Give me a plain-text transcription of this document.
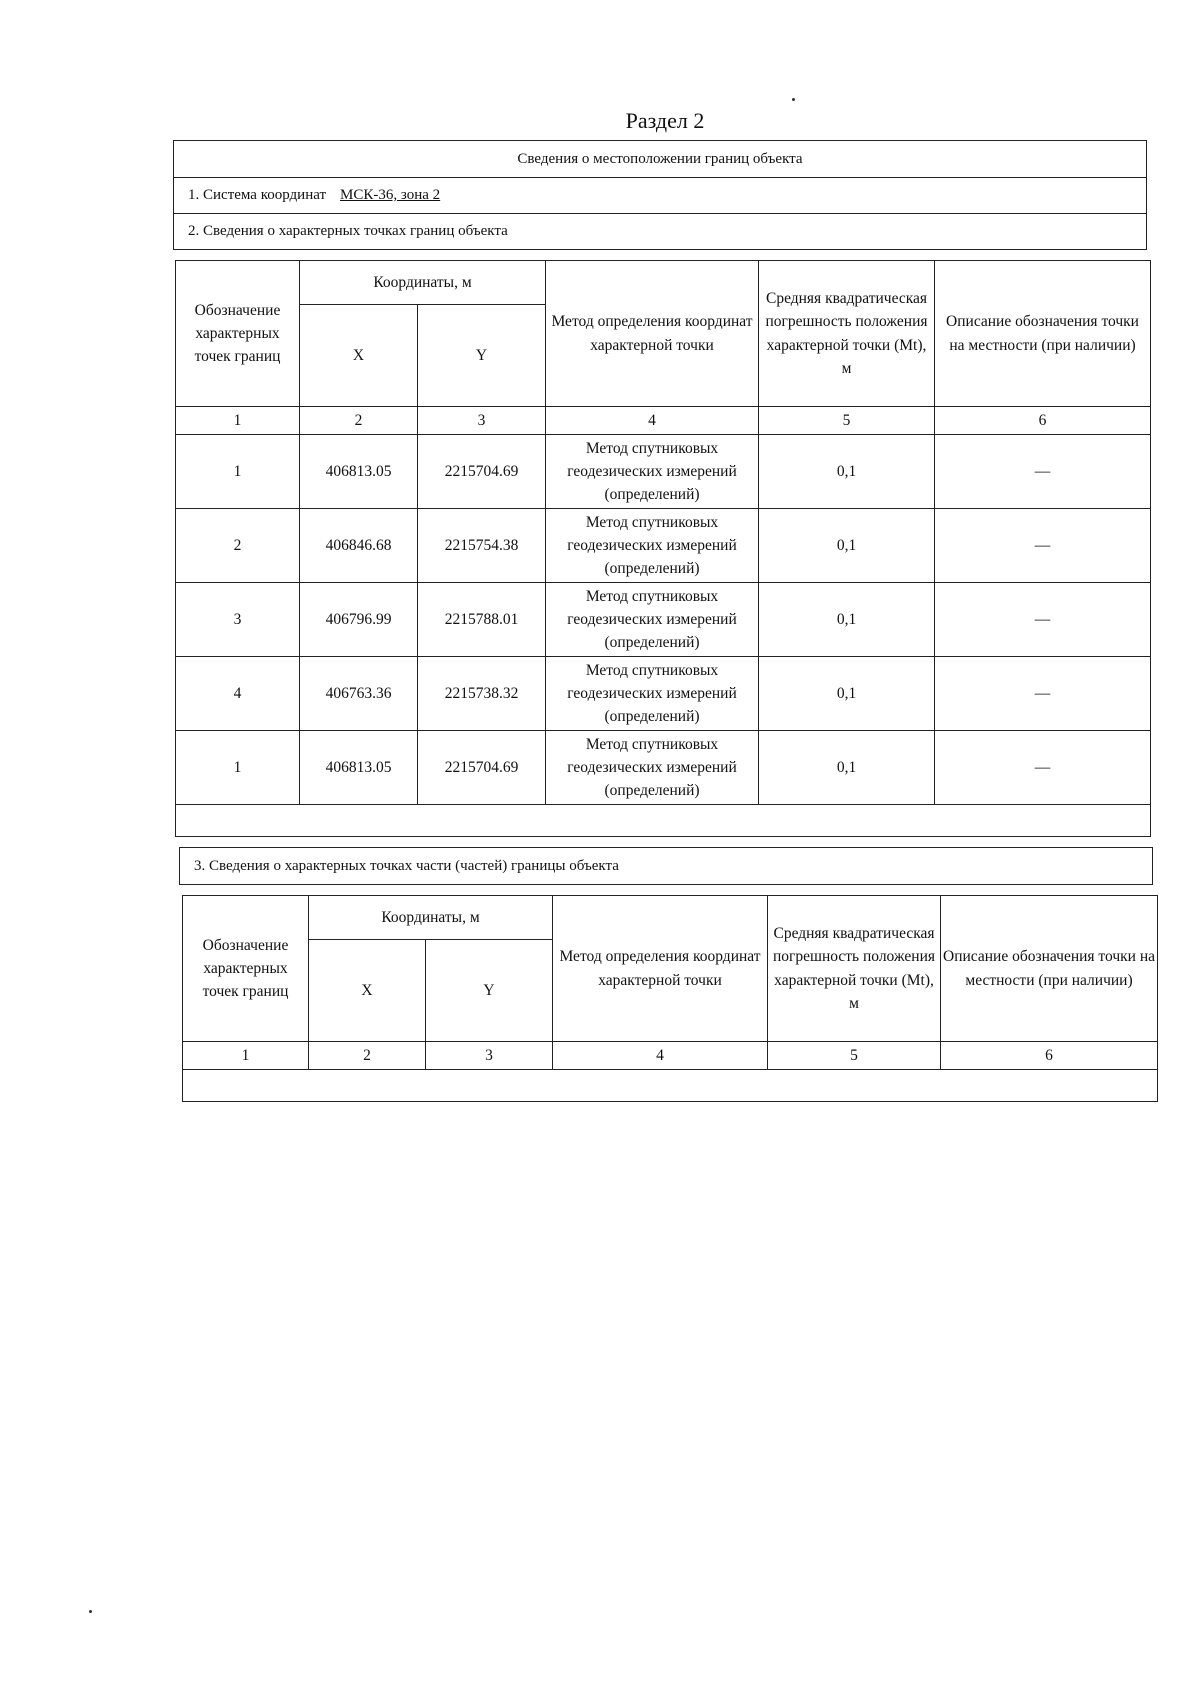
Раздел 2
Сведения о местоположении границ объекта
1. Система координат МСК-36, зона 2
2. Сведения о характерных точках границ объекта
Обозначение характерных точек границ	Координаты, м		Метод определения координат характерной точки	Средняя квадратическая погрешность положения характерной точки (Mt), м	Описание обозначения точки на местности (при наличии)
	X	Y			
1	2	3	4	5	6
1	406813.05	2215704.69	Метод спутниковых геодезических измерений (определений)	0,1	—
2	406846.68	2215754.38	Метод спутниковых геодезических измерений (определений)	0,1	—
3	406796.99	2215788.01	Метод спутниковых геодезических измерений (определений)	0,1	—
4	406763.36	2215738.32	Метод спутниковых геодезических измерений (определений)	0,1	—
1	406813.05	2215704.69	Метод спутниковых геодезических измерений (определений)	0,1	—

3. Сведения о характерных точках части (частей) границы объекта
Обозначение характерных точек границ	Координаты, м		Метод определения координат характерной точки	Средняя квадратическая погрешность положения характерной точки (Mt), м	Описание обозначения точки на местности (при наличии)
	X	Y			
1	2	3	4	5	6
